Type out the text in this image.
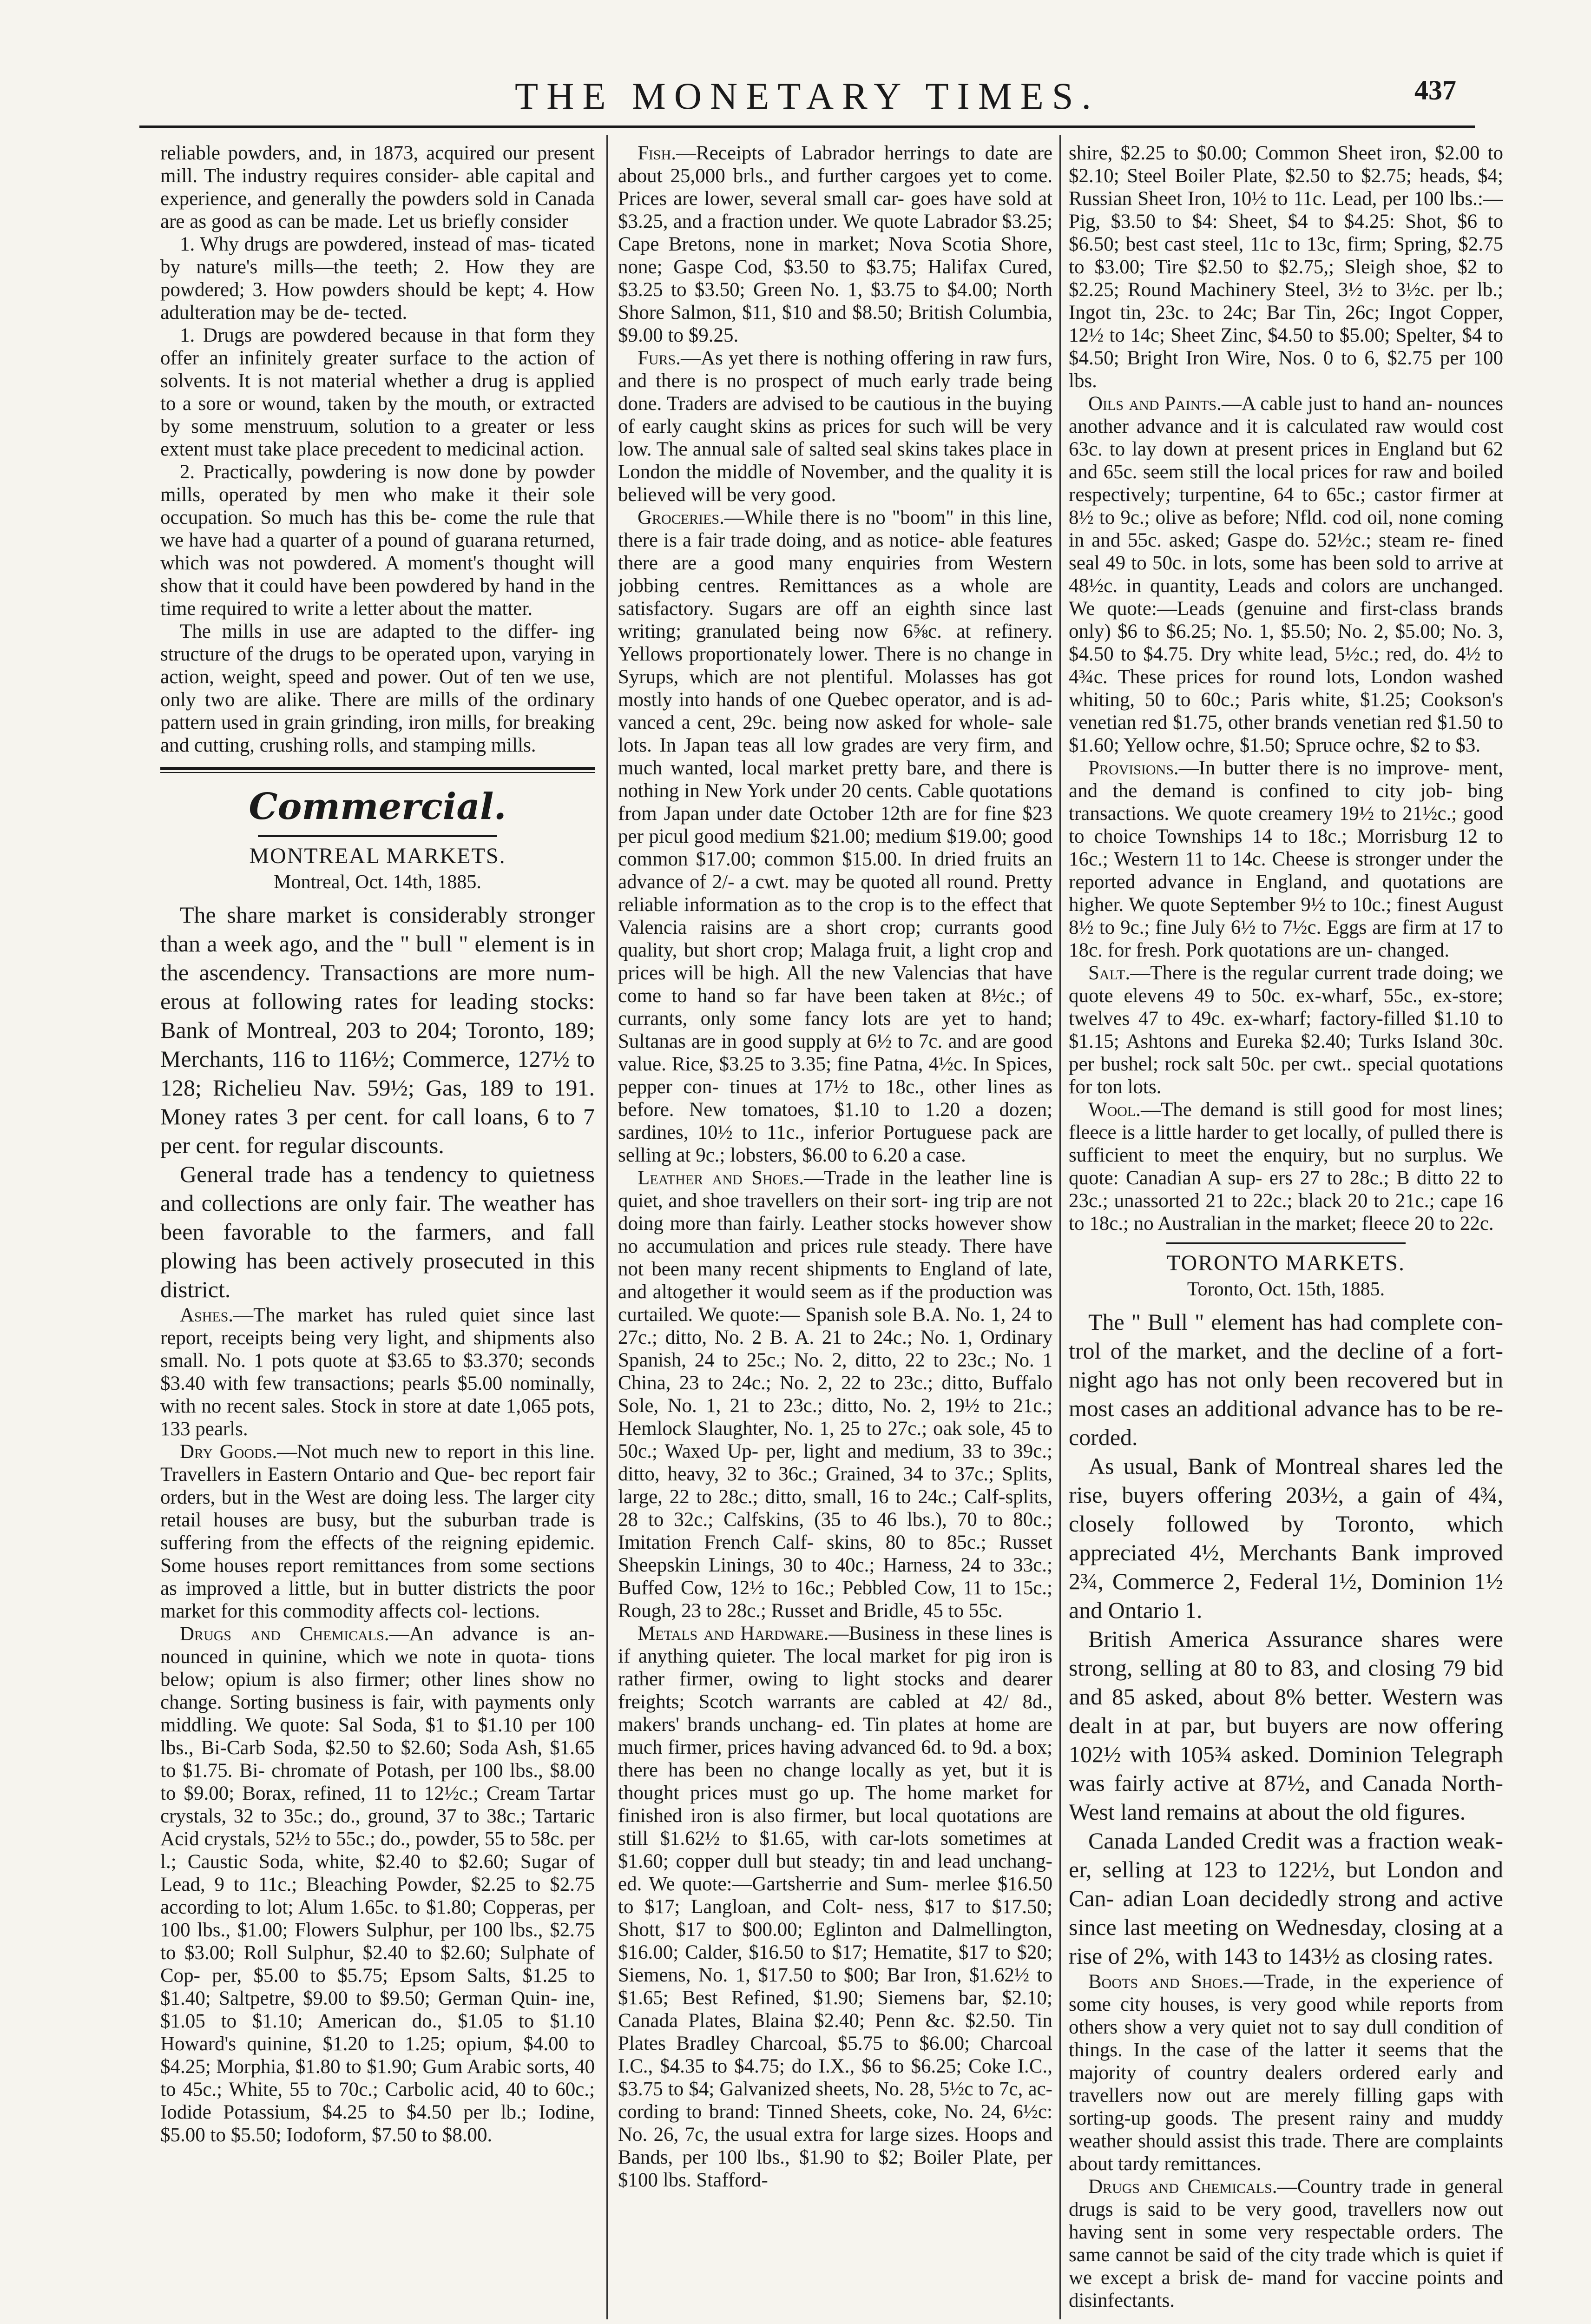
THE MONETARY TIMES.	437

reliable powders, and, in 1873, acquired our present mill. The industry requires consider- able capital and experience, and generally the powders sold in Canada are as good as can be made. Let us briefly consider

1. Why drugs are powdered, instead of mas- ticated by nature's mills—the teeth; 2. How they are powdered; 3. How powders should be kept; 4. How adulteration may be de- tected.

1. Drugs are powdered because in that form they offer an infinitely greater surface to the action of solvents. It is not material whether a drug is applied to a sore or wound, taken by the mouth, or extracted by some menstruum, solution to a greater or less extent must take place precedent to medicinal action.

2. Practically, powdering is now done by powder mills, operated by men who make it their sole occupation. So much has this be- come the rule that we have had a quarter of a pound of guarana returned, which was not powdered. A moment's thought will show that it could have been powdered by hand in the time required to write a letter about the matter.

The mills in use are adapted to the differ- ing structure of the drugs to be operated upon, varying in action, weight, speed and power. Out of ten we use, only two are alike. There are mills of the ordinary pattern used in grain grinding, iron mills, for breaking and cutting, crushing rolls, and stamping mills.

Commercial.
MONTREAL MARKETS.
Montreal, Oct. 14th, 1885.

The share market is considerably stronger than a week ago, and the " bull " element is in the ascendency. Transactions are more num- erous at following rates for leading stocks: Bank of Montreal, 203 to 204; Toronto, 189; Merchants, 116 to 116½; Commerce, 127½ to 128; Richelieu Nav. 59½; Gas, 189 to 191. Money rates 3 per cent. for call loans, 6 to 7 per cent. for regular discounts.

General trade has a tendency to quietness and collections are only fair. The weather has been favorable to the farmers, and fall plowing has been actively prosecuted in this district.

Ashes.—The market has ruled quiet since last report, receipts being very light, and shipments also small. No. 1 pots quote at $3.65 to $3.370; seconds $3.40 with few transactions; pearls $5.00 nominally, with no recent sales. Stock in store at date 1,065 pots, 133 pearls.

Dry Goods.—Not much new to report in this line. Travellers in Eastern Ontario and Que- bec report fair orders, but in the West are doing less. The larger city retail houses are busy, but the suburban trade is suffering from the effects of the reigning epidemic. Some houses report remittances from some sections as improved a little, but in butter districts the poor market for this commodity affects col- lections.

Drugs and Chemicals.—An advance is an- nounced in quinine, which we note in quota- tions below; opium is also firmer; other lines show no change. Sorting business is fair, with payments only middling. We quote: Sal Soda, $1 to $1.10 per 100 lbs., Bi-Carb Soda, $2.50 to $2.60; Soda Ash, $1.65 to $1.75. Bi- chromate of Potash, per 100 lbs., $8.00 to $9.00; Borax, refined, 11 to 12½c.; Cream Tartar crystals, 32 to 35c.; do., ground, 37 to 38c.; Tartaric Acid crystals, 52½ to 55c.; do., powder, 55 to 58c. per l.; Caustic Soda, white, $2.40 to $2.60; Sugar of Lead, 9 to 11c.; Bleaching Powder, $2.25 to $2.75 according to lot; Alum 1.65c. to $1.80; Copperas, per 100 lbs., $1.00; Flowers Sulphur, per 100 lbs., $2.75 to $3.00; Roll Sulphur, $2.40 to $2.60; Sulphate of Cop- per, $5.00 to $5.75; Epsom Salts, $1.25 to $1.40; Saltpetre, $9.00 to $9.50; German Quin- ine, $1.05 to $1.10; American do., $1.05 to $1.10 Howard's quinine, $1.20 to 1.25; opium, $4.00 to $4.25; Morphia, $1.80 to $1.90; Gum Arabic sorts, 40 to 45c.; White, 55 to 70c.; Carbolic acid, 40 to 60c.; Iodide Potassium, $4.25 to $4.50 per lb.; Iodine, $5.00 to $5.50; Iodoform, $7.50 to $8.00.

Fish.—Receipts of Labrador herrings to date are about 25,000 brls., and further cargoes yet to come. Prices are lower, several small car- goes have sold at $3.25, and a fraction under. We quote Labrador $3.25; Cape Bretons, none in market; Nova Scotia Shore, none; Gaspe Cod, $3.50 to $3.75; Halifax Cured, $3.25 to $3.50; Green No. 1, $3.75 to $4.00; North Shore Salmon, $11, $10 and $8.50; British Columbia, $9.00 to $9.25.

Furs.—As yet there is nothing offering in raw furs, and there is no prospect of much early trade being done. Traders are advised to be cautious in the buying of early caught skins as prices for such will be very low. The annual sale of salted seal skins takes place in London the middle of November, and the quality it is believed will be very good.

Groceries.—While there is no "boom" in this line, there is a fair trade doing, and as notice- able features there are a good many enquiries from Western jobbing centres. Remittances as a whole are satisfactory. Sugars are off an eighth since last writing; granulated being now 6⅝c. at refinery. Yellows proportionately lower. There is no change in Syrups, which are not plentiful. Molasses has got mostly into hands of one Quebec operator, and is ad- vanced a cent, 29c. being now asked for whole- sale lots. In Japan teas all low grades are very firm, and much wanted, local market pretty bare, and there is nothing in New York under 20 cents. Cable quotations from Japan under date October 12th are for fine $23 per picul good medium $21.00; medium $19.00; good common $17.00; common $15.00. In dried fruits an advance of 2/- a cwt. may be quoted all round. Pretty reliable information as to the crop is to the effect that Valencia raisins are a short crop; currants good quality, but short crop; Malaga fruit, a light crop and prices will be high. All the new Valencias that have come to hand so far have been taken at 8½c.; of currants, only some fancy lots are yet to hand; Sultanas are in good supply at 6½ to 7c. and are good value. Rice, $3.25 to 3.35; fine Patna, 4½c. In Spices, pepper con- tinues at 17½ to 18c., other lines as before. New tomatoes, $1.10 to 1.20 a dozen; sardines, 10½ to 11c., inferior Portuguese pack are selling at 9c.; lobsters, $6.00 to 6.20 a case.

Leather and Shoes.—Trade in the leather line is quiet, and shoe travellers on their sort- ing trip are not doing more than fairly. Leather stocks however show no accumulation and prices rule steady. There have not been many recent shipments to England of late, and altogether it would seem as if the production was curtailed. We quote:— Spanish sole B.A. No. 1, 24 to 27c.; ditto, No. 2 B. A. 21 to 24c.; No. 1, Ordinary Spanish, 24 to 25c.; No. 2, ditto, 22 to 23c.; No. 1 China, 23 to 24c.; No. 2, 22 to 23c.; ditto, Buffalo Sole, No. 1, 21 to 23c.; ditto, No. 2, 19½ to 21c.; Hemlock Slaughter, No. 1, 25 to 27c.; oak sole, 45 to 50c.; Waxed Up- per, light and medium, 33 to 39c.; ditto, heavy, 32 to 36c.; Grained, 34 to 37c.; Splits, large, 22 to 28c.; ditto, small, 16 to 24c.; Calf-splits, 28 to 32c.; Calfskins, (35 to 46 lbs.), 70 to 80c.; Imitation French Calf- skins, 80 to 85c.; Russet Sheepskin Linings, 30 to 40c.; Harness, 24 to 33c.; Buffed Cow, 12½ to 16c.; Pebbled Cow, 11 to 15c.; Rough, 23 to 28c.; Russet and Bridle, 45 to 55c.

Metals and Hardware.—Business in these lines is if anything quieter. The local market for pig iron is rather firmer, owing to light stocks and dearer freights; Scotch warrants are cabled at 42/ 8d., makers' brands unchang- ed. Tin plates at home are much firmer, prices having advanced 6d. to 9d. a box; there has been no change locally as yet, but it is thought prices must go up. The home market for finished iron is also firmer, but local quotations are still $1.62½ to $1.65, with car-lots sometimes at $1.60; copper dull but steady; tin and lead unchang- ed. We quote:—Gartsherrie and Sum- merlee $16.50 to $17; Langloan, and Colt- ness, $17 to $17.50; Shott, $17 to $00.00; Eglinton and Dalmellington, $16.00; Calder, $16.50 to $17; Hematite, $17 to $20; Siemens, No. 1, $17.50 to $00; Bar Iron, $1.62½ to $1.65; Best Refined, $1.90; Siemens bar, $2.10; Canada Plates, Blaina $2.40; Penn &c. $2.50. Tin Plates Bradley Charcoal, $5.75 to $6.00; Charcoal I.C., $4.35 to $4.75; do I.X., $6 to $6.25; Coke I.C., $3.75 to $4; Galvanized sheets, No. 28, 5½c to 7c, ac- cording to brand: Tinned Sheets, coke, No. 24, 6½c: No. 26, 7c, the usual extra for large sizes. Hoops and Bands, per 100 lbs., $1.90 to $2; Boiler Plate, per $100 lbs. Stafford-

shire, $2.25 to $0.00; Common Sheet iron, $2.00 to $2.10; Steel Boiler Plate, $2.50 to $2.75; heads, $4; Russian Sheet Iron, 10½ to 11c. Lead, per 100 lbs.:—Pig, $3.50 to $4: Sheet, $4 to $4.25: Shot, $6 to $6.50; best cast steel, 11c to 13c, firm; Spring, $2.75 to $3.00; Tire $2.50 to $2.75,; Sleigh shoe, $2 to $2.25; Round Machinery Steel, 3½ to 3½c. per lb.; Ingot tin, 23c. to 24c; Bar Tin, 26c; Ingot Copper, 12½ to 14c; Sheet Zinc, $4.50 to $5.00; Spelter, $4 to $4.50; Bright Iron Wire, Nos. 0 to 6, $2.75 per 100 lbs.

Oils and Paints.—A cable just to hand an- nounces another advance and it is calculated raw would cost 63c. to lay down at present prices in England but 62 and 65c. seem still the local prices for raw and boiled respectively; turpentine, 64 to 65c.; castor firmer at 8½ to 9c.; olive as before; Nfld. cod oil, none coming in and 55c. asked; Gaspe do. 52½c.; steam re- fined seal 49 to 50c. in lots, some has been sold to arrive at 48½c. in quantity, Leads and colors are unchanged. We quote:—Leads (genuine and first-class brands only) $6 to $6.25; No. 1, $5.50; No. 2, $5.00; No. 3, $4.50 to $4.75. Dry white lead, 5½c.; red, do. 4½ to 4¾c. These prices for round lots, London washed whiting, 50 to 60c.; Paris white, $1.25; Cookson's venetian red $1.75, other brands venetian red $1.50 to $1.60; Yellow ochre, $1.50; Spruce ochre, $2 to $3.

Provisions.—In butter there is no improve- ment, and the demand is confined to city job- bing transactions. We quote creamery 19½ to 21½c.; good to choice Townships 14 to 18c.; Morrisburg 12 to 16c.; Western 11 to 14c. Cheese is stronger under the reported advance in England, and quotations are higher. We quote September 9½ to 10c.; finest August 8½ to 9c.; fine July 6½ to 7½c. Eggs are firm at 17 to 18c. for fresh. Pork quotations are un- changed.

Salt.—There is the regular current trade doing; we quote elevens 49 to 50c. ex-wharf, 55c., ex-store; twelves 47 to 49c. ex-wharf; factory-filled $1.10 to $1.15; Ashtons and Eureka $2.40; Turks Island 30c. per bushel; rock salt 50c. per cwt.. special quotations for ton lots.

Wool.—The demand is still good for most lines; fleece is a little harder to get locally, of pulled there is sufficient to meet the enquiry, but no surplus. We quote: Canadian A sup- ers 27 to 28c.; B ditto 22 to 23c.; unassorted 21 to 22c.; black 20 to 21c.; cape 16 to 18c.; no Australian in the market; fleece 20 to 22c.

TORONTO MARKETS.
Toronto, Oct. 15th, 1885.

The " Bull " element has had complete con- trol of the market, and the decline of a fort- night ago has not only been recovered but in most cases an additional advance has to be re- corded.

As usual, Bank of Montreal shares led the rise, buyers offering 203½, a gain of 4¾, closely followed by Toronto, which appreciated 4½, Merchants Bank improved 2¾, Commerce 2, Federal 1½, Dominion 1½ and Ontario 1.

British America Assurance shares were strong, selling at 80 to 83, and closing 79 bid and 85 asked, about 8% better. Western was dealt in at par, but buyers are now offering 102½ with 105¾ asked. Dominion Telegraph was fairly active at 87½, and Canada North- West land remains at about the old figures.

Canada Landed Credit was a fraction weak- er, selling at 123 to 122½, but London and Can- adian Loan decidedly strong and active since last meeting on Wednesday, closing at a rise of 2%, with 143 to 143½ as closing rates.

Boots and Shoes.—Trade, in the experience of some city houses, is very good while reports from others show a very quiet not to say dull condition of things. In the case of the latter it seems that the majority of country dealers ordered early and travellers now out are merely filling gaps with sorting-up goods. The present rainy and muddy weather should assist this trade. There are complaints about tardy remittances.

Drugs and Chemicals.—Country trade in general drugs is said to be very good, travellers now out having sent in some very respectable orders. The same cannot be said of the city trade which is quiet if we except a brisk de- mand for vaccine points and disinfectants.
